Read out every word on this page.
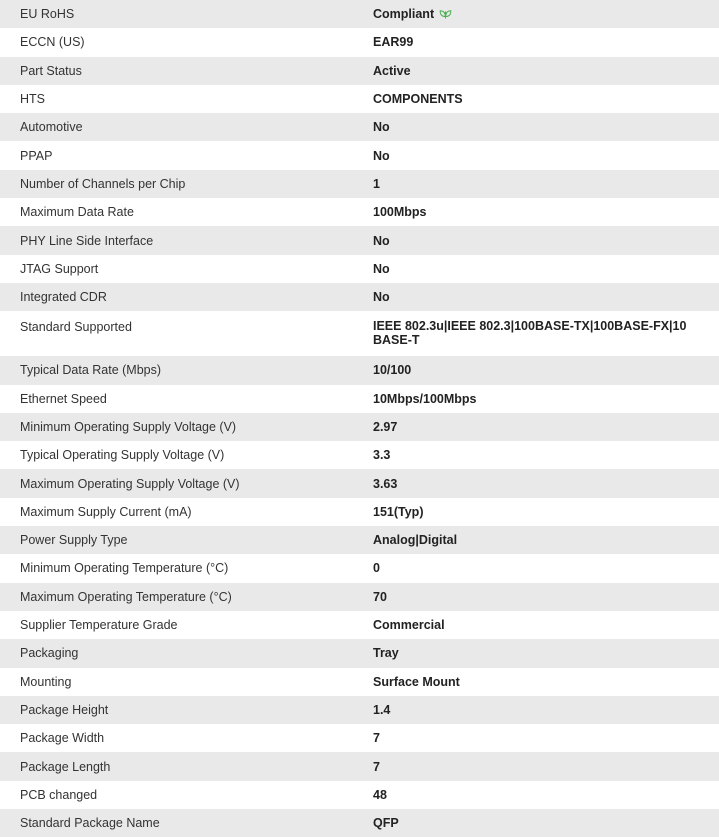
EU RoHS	Compliant
ECCN (US)	EAR99
Part Status	Active
HTS	COMPONENTS
Automotive	No
PPAP	No
Number of Channels per Chip	1
Maximum Data Rate	100Mbps
PHY Line Side Interface	No
JTAG Support	No
Integrated CDR	No
Standard Supported	IEEE 802.3u|IEEE 802.3|100BASE-TX|100BASE-FX|10BASE-T
Typical Data Rate (Mbps)	10/100
Ethernet Speed	10Mbps/100Mbps
Minimum Operating Supply Voltage (V)	2.97
Typical Operating Supply Voltage (V)	3.3
Maximum Operating Supply Voltage (V)	3.63
Maximum Supply Current (mA)	151(Typ)
Power Supply Type	Analog|Digital
Minimum Operating Temperature (°C)	0
Maximum Operating Temperature (°C)	70
Supplier Temperature Grade	Commercial
Packaging	Tray
Mounting	Surface Mount
Package Height	1.4
Package Width	7
Package Length	7
PCB changed	48
Standard Package Name	QFP
